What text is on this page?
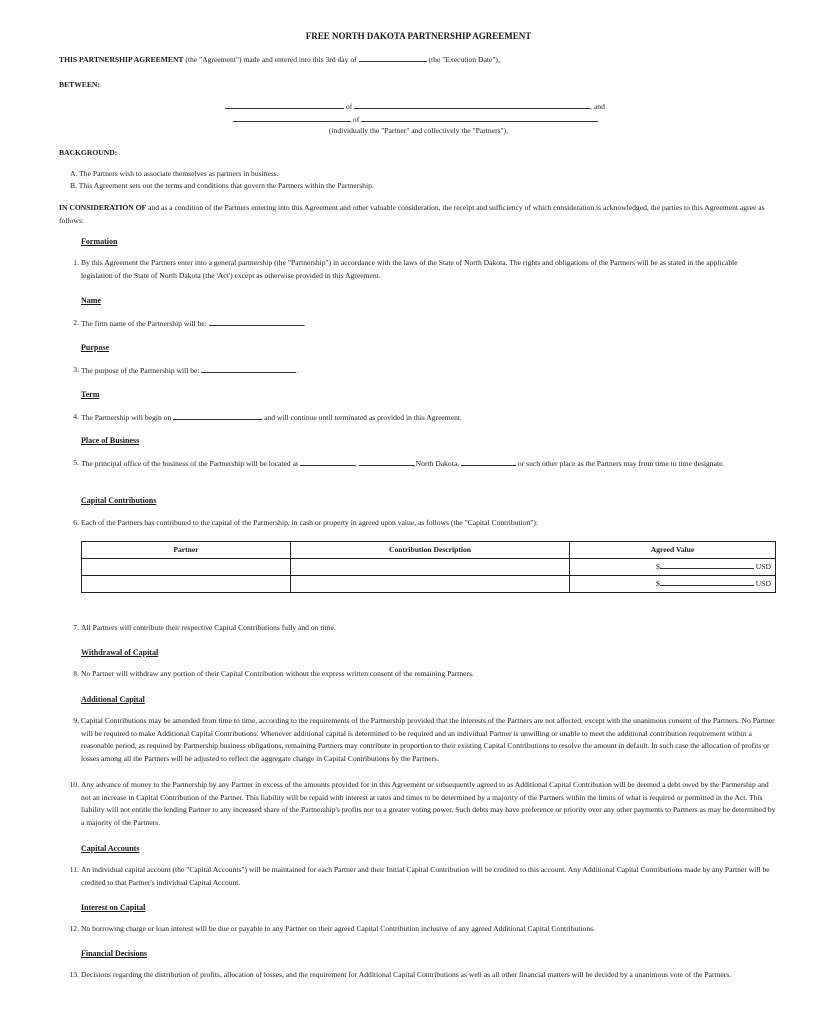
FREE NORTH DAKOTA PARTNERSHIP AGREEMENT
THIS PARTNERSHIP AGREEMENT (the "Agreement") made and entered into this 3rd day of	(the "Execution Date"),
BETWEEN:
of	, and
of
(individually the "Partner" and collectively the "Partners").
BACKGROUND:
A. The Partners wish to associate themselves as partners in business.
B. This Agreement sets out the terms and conditions that govern the Partners within the Partnership.
IN CONSIDERATION OF and as a condition of the Partners entering into this Agreement and other valuable consideration, the receipt and sufficiency of which consideration is acknowledged, the parties to this Agreement agree as follows:
Formation
1. By this Agreement the Partners enter into a general partnership (the "Partnership") in accordance with the laws of the State of North Dakota. The rights and obligations of the Partners will be as stated in the applicable legislation of the State of North Dakota (the 'Act') except as otherwise provided in this Agreement.
Name
2. The firm name of the Partnership will be:	.
Purpose
3. The purpose of the Partnership will be:	.
Term
4. The Partnership will begin on	and will continue until terminated as provided in this Agreement.
Place of Business
5. The principal office of the business of the Partnership will be located at	,	,North Dakota,	or such other place as the Partners may from time to time designate.
Capital Contributions
6. Each of the Partners has contributed to the capital of the Partnership, in cash or property in agreed upon value, as follows (the "Capital Contribution"):
Partner	Contribution Description	Agreed Value

		$ USD

		$ USD
7. All Partners will contribute their respective Capital Contributions fully and on time.
Withdrawal of Capital
8. No Partner will withdraw any portion of their Capital Contribution without the express written consent of the remaining Partners.
Additional Capital
9. Capital Contributions may be amended from time to time, according to the requirements of the Partnership provided that the interests of the Partners are not affected, except with the unanimous consent of the Partners. No Partner will be required to make Additional Capital Contributions. Whenever additional capital is determined to be required and an individual Partner is unwilling or unable to meet the additional contribution requirement within a reasonable period, as required by Partnership business obligations, remaining Partners may contribute in proportion to their existing Capital Contributions to resolve the amount in default. In such case the allocation of profits or losses among all the Partners will be adjusted to reflect the aggregate change in Capital Contributions by the Partners.
10. Any advance of money to the Partnership by any Partner in excess of the amounts provided for in this Agreement or subsequently agreed to as Additional Capital Contribution will be deemed a debt owed by the Partnership and not an increase in Capital Contribution of the Partner. This liability will be repaid with interest at rates and times to be determined by a majority of the Partners within the limits of what is required or permitted in the Act. This liability will not entitle the lending Partner to any increased share of the Partnership's profits nor to a greater voting power. Such debts may have preference or priority over any other payments to Partners as may be determined by a majority of the Partners.
Capital Accounts
11. An individual capital account (the "Capital Accounts") will be maintained for each Partner and their Initial Capital Contribution will be credited to this account. Any Additional Capital Contributions made by any Partner will be credited to that Partner's individual Capital Account.
Interest on Capital
12. No borrowing charge or loan interest will be due or payable to any Partner on their agreed Capital Contribution inclusive of any agreed Additional Capital Contributions.
Financial Decisions
13. Decisions regarding the distribution of profits, allocation of losses, and the requirement for Additional Capital Contributions as well as all other financial matters will be decided by a unanimous vote of the Partners.
